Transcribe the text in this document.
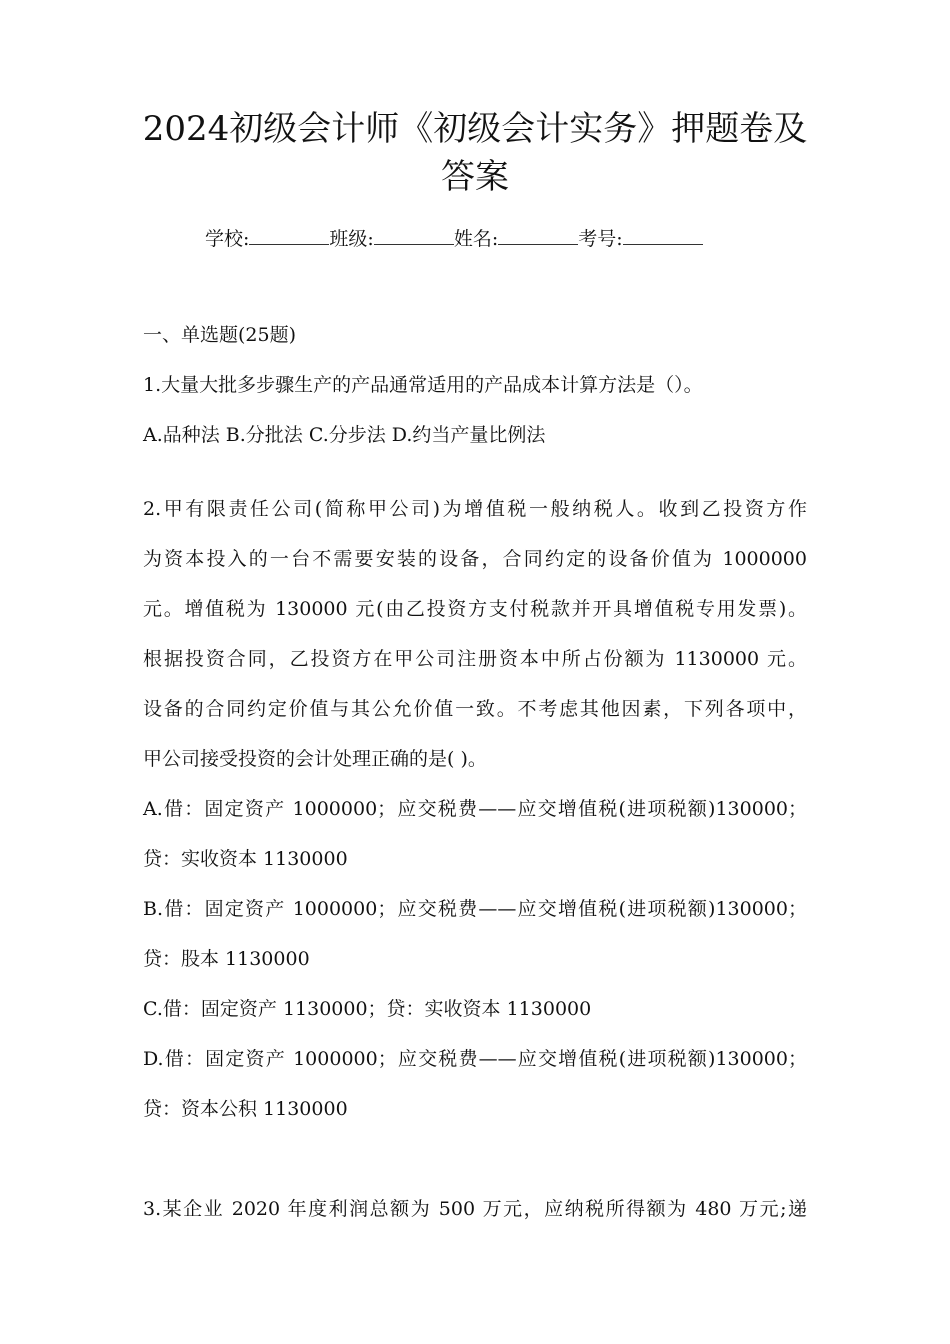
2024初级会计师《初级会计实务》押题卷及
答案
学校:	班级:	姓名:	考号:

一、单选题(25题)

1.大量大批多步骤生产的产品通常适用的产品成本计算方法是（）。

A.品种法 B.分批法 C.分步法 D.约当产量比例法

2.甲有限责任公司(简称甲公司)为增值税一般纳税人。收到乙投资方作

为资本投入的一台不需要安装的设备，合同约定的设备价值为 1000000

元。增值税为 130000 元(由乙投资方支付税款并开具增值税专用发票)。

根据投资合同，乙投资方在甲公司注册资本中所占份额为 1130000 元。

设备的合同约定价值与其公允价值一致。不考虑其他因素，下列各项中，

甲公司接受投资的会计处理正确的是( )。

A.借：固定资产 1000000；应交税费——应交增值税(进项税额)130000；

贷：实收资本 1130000

B.借：固定资产 1000000；应交税费——应交增值税(进项税额)130000；

贷：股本 1130000

C.借：固定资产 1130000；贷：实收资本 1130000

D.借：固定资产 1000000；应交税费——应交增值税(进项税额)130000；

贷：资本公积 1130000

3.某企业 2020 年度利润总额为 500 万元，应纳税所得额为 480 万元;递
